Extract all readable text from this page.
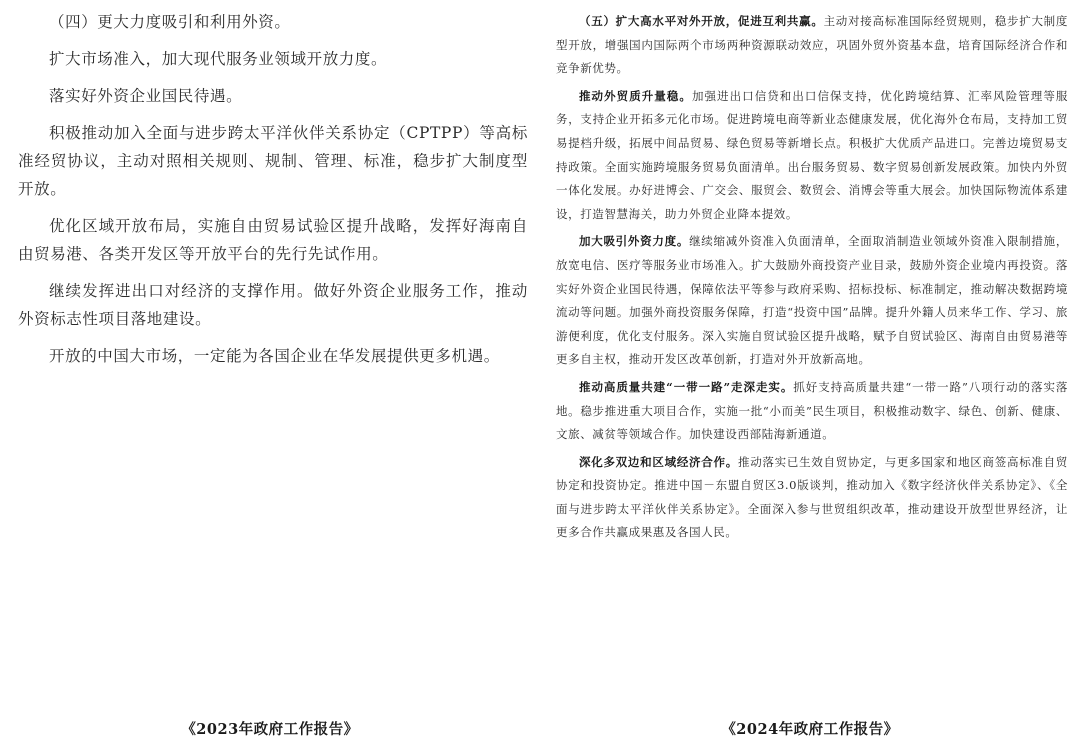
（四）更大力度吸引和利用外资。

扩大市场准入，加大现代服务业领域开放力度。

落实好外资企业国民待遇。

积极推动加入全面与进步跨太平洋伙伴关系协定（CPTPP）等高标准经贸协议，主动对照相关规则、规制、管理、标准，稳步扩大制度型开放。

优化区域开放布局，实施自由贸易试验区提升战略，发挥好海南自由贸易港、各类开发区等开放平台的先行先试作用。

继续发挥进出口对经济的支撑作用。做好外资企业服务工作，推动外资标志性项目落地建设。

开放的中国大市场，一定能为各国企业在华发展提供更多机遇。

《2023年政府工作报告》

（五）扩大高水平对外开放，促进互利共赢。主动对接高标准国际经贸规则，稳步扩大制度型开放，增强国内国际两个市场两种资源联动效应，巩固外贸外资基本盘，培育国际经济合作和竞争新优势。

推动外贸质升量稳。加强进出口信贷和出口信保支持，优化跨境结算、汇率风险管理等服务，支持企业开拓多元化市场。促进跨境电商等新业态健康发展，优化海外仓布局，支持加工贸易提档升级，拓展中间品贸易、绿色贸易等新增长点。积极扩大优质产品进口。完善边境贸易支持政策。全面实施跨境服务贸易负面清单。出台服务贸易、数字贸易创新发展政策。加快内外贸一体化发展。办好进博会、广交会、服贸会、数贸会、消博会等重大展会。加快国际物流体系建设，打造智慧海关，助力外贸企业降本提效。

加大吸引外资力度。继续缩减外资准入负面清单，全面取消制造业领域外资准入限制措施，放宽电信、医疗等服务业市场准入。扩大鼓励外商投资产业目录，鼓励外资企业境内再投资。落实好外资企业国民待遇，保障依法平等参与政府采购、招标投标、标准制定，推动解决数据跨境流动等问题。加强外商投资服务保障，打造“投资中国”品牌。提升外籍人员来华工作、学习、旅游便利度，优化支付服务。深入实施自贸试验区提升战略，赋予自贸试验区、海南自由贸易港等更多自主权，推动开发区改革创新，打造对外开放新高地。

推动高质量共建“一带一路”走深走实。抓好支持高质量共建“一带一路”八项行动的落实落地。稳步推进重大项目合作，实施一批“小而美”民生项目，积极推动数字、绿色、创新、健康、文旅、减贫等领域合作。加快建设西部陆海新通道。

深化多双边和区域经济合作。推动落实已生效自贸协定，与更多国家和地区商签高标准自贸协定和投资协定。推进中国－东盟自贸区3.0版谈判，推动加入《数字经济伙伴关系协定》、《全面与进步跨太平洋伙伴关系协定》。全面深入参与世贸组织改革，推动建设开放型世界经济，让更多合作共赢成果惠及各国人民。

《2024年政府工作报告》
